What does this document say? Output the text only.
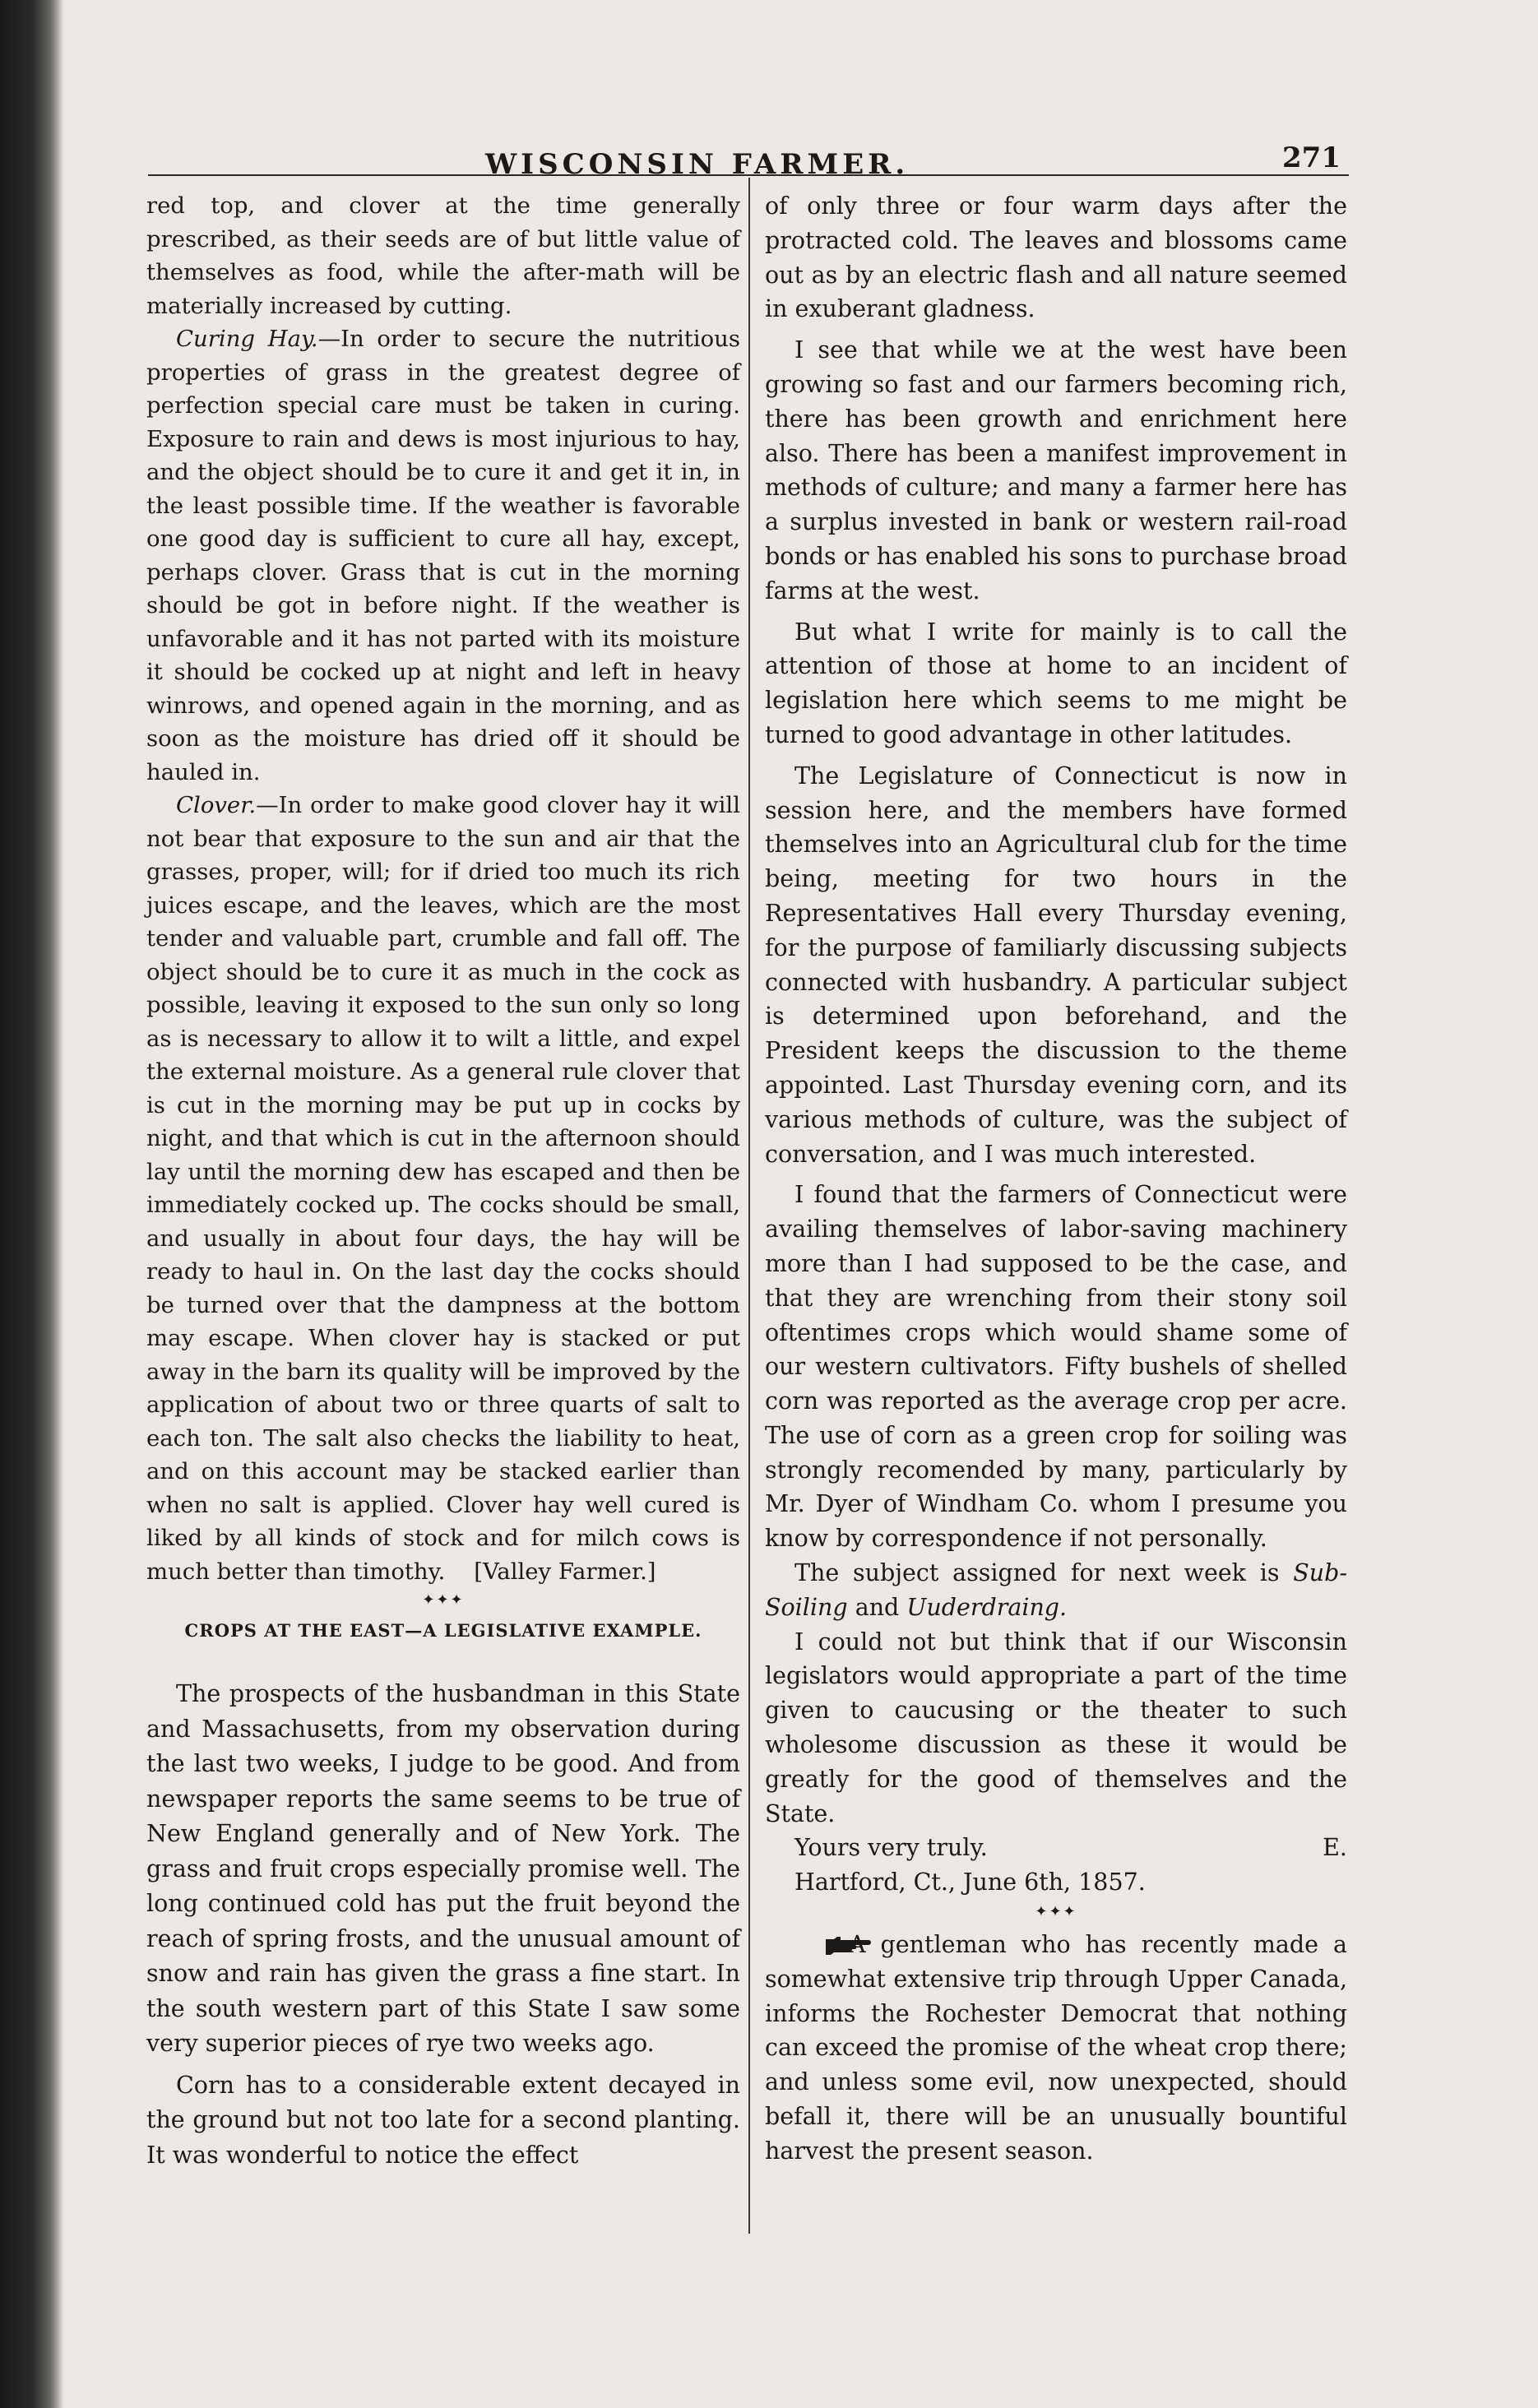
WISCONSIN FARMER.	271

red top, and clover at the time generally prescribed, as their seeds are of but little value of themselves as food, while the after-math will be materially increased by cutting.

Curing Hay.—In order to secure the nutritious properties of grass in the greatest degree of perfection special care must be taken in curing. Exposure to rain and dews is most injurious to hay, and the object should be to cure it and get it in, in the least possible time. If the weather is favorable one good day is sufficient to cure all hay, except, perhaps clover. Grass that is cut in the morning should be got in before night. If the weather is unfavorable and it has not parted with its moisture it should be cocked up at night and left in heavy winrows, and opened again in the morning, and as soon as the moisture has dried off it should be hauled in.

Clover.—In order to make good clover hay it will not bear that exposure to the sun and air that the grasses, proper, will; for if dried too much its rich juices escape, and the leaves, which are the most tender and valuable part, crumble and fall off. The object should be to cure it as much in the cock as possible, leaving it exposed to the sun only so long as is necessary to allow it to wilt a little, and expel the external moisture. As a general rule clover that is cut in the morning may be put up in cocks by night, and that which is cut in the afternoon should lay until the morning dew has escaped and then be immediately cocked up. The cocks should be small, and usually in about four days, the hay will be ready to haul in. On the last day the cocks should be turned over that the dampness at the bottom may escape. When clover hay is stacked or put away in the barn its quality will be improved by the application of about two or three quarts of salt to each ton. The salt also checks the liability to heat, and on this account may be stacked earlier than when no salt is applied. Clover hay well cured is liked by all kinds of stock and for milch cows is much better than timothy. [Valley Farmer.]

✦✦✦
CROPS AT THE EAST—A LEGISLATIVE EXAMPLE.

The prospects of the husbandman in this State and Massachusetts, from my observation during the last two weeks, I judge to be good. And from newspaper reports the same seems to be true of New England generally and of New York. The grass and fruit crops especially promise well. The long continued cold has put the fruit beyond the reach of spring frosts, and the unusual amount of snow and rain has given the grass a fine start. In the south western part of this State I saw some very superior pieces of rye two weeks ago.

Corn has to a considerable extent decayed in the ground but not too late for a second planting. It was wonderful to notice the effect

of only three or four warm days after the protracted cold. The leaves and blossoms came out as by an electric flash and all nature seemed in exuberant gladness.

I see that while we at the west have been growing so fast and our farmers becoming rich, there has been growth and enrichment here also. There has been a manifest improvement in methods of culture; and many a farmer here has a surplus invested in bank or western rail-road bonds or has enabled his sons to purchase broad farms at the west.

But what I write for mainly is to call the attention of those at home to an incident of legislation here which seems to me might be turned to good advantage in other latitudes.

The Legislature of Connecticut is now in session here, and the members have formed themselves into an Agricultural club for the time being, meeting for two hours in the Representatives Hall every Thursday evening, for the purpose of familiarly discussing subjects connected with husbandry. A particular subject is determined upon beforehand, and the President keeps the discussion to the theme appointed. Last Thursday evening corn, and its various methods of culture, was the subject of conversation, and I was much interested.

I found that the farmers of Connecticut were availing themselves of labor-saving machinery more than I had supposed to be the case, and that they are wrenching from their stony soil oftentimes crops which would shame some of our western cultivators. Fifty bushels of shelled corn was reported as the average crop per acre. The use of corn as a green crop for soiling was strongly recomended by many, particularly by Mr. Dyer of Windham Co. whom I presume you know by correspondence if not personally.

The subject assigned for next week is Sub-Soiling and Uuderdraing.

I could not but think that if our Wisconsin legislators would appropriate a part of the time given to caucusing or the theater to such wholesome discussion as these it would be greatly for the good of themselves and the State.

Yours very truly.	E.

Hartford, Ct., June 6th, 1857.

✦✦✦

A gentleman who has recently made a somewhat extensive trip through Upper Canada, informs the Rochester Democrat that nothing can exceed the promise of the wheat crop there; and unless some evil, now unexpected, should befall it, there will be an unusually bountiful harvest the present season.
